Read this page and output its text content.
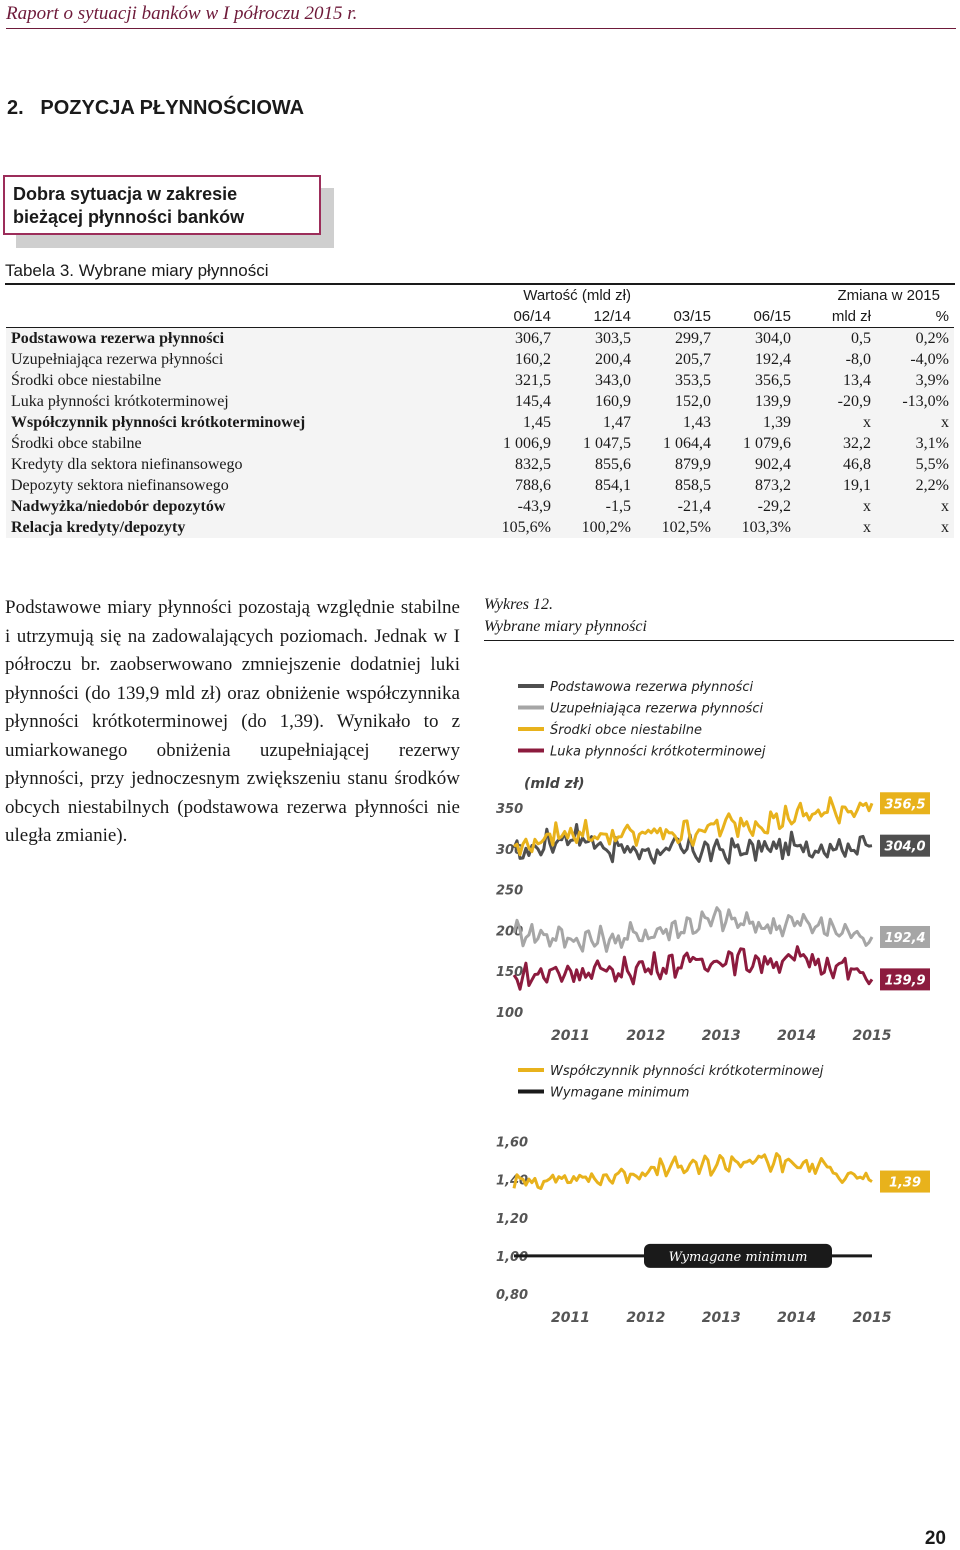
Raport o sytuacji banków w I półroczu 2015 r.
2. POZYCJA PŁYNNOŚCIOWA
Dobra sytuacja w zakresie
bieżącej płynności banków
Tabela 3. Wybrane miary płynności
	Wartość (mld zł)				Zmiana w 2015	
	06/14	12/14	03/15	06/15	mld zł	%
Podstawowa rezerwa płynności	306,7	303,5	299,7	304,0	0,5	0,2%
Uzupełniająca rezerwa płynności	160,2	200,4	205,7	192,4	-8,0	-4,0%
Środki obce niestabilne	321,5	343,0	353,5	356,5	13,4	3,9%
Luka płynności krótkoterminowej	145,4	160,9	152,0	139,9	-20,9	-13,0%
Współczynnik płynności krótkoterminowej	1,45	1,47	1,43	1,39	x	x
Środki obce stabilne	1 006,9	1 047,5	1 064,4	1 079,6	32,2	3,1%
Kredyty dla sektora niefinansowego	832,5	855,6	879,9	902,4	46,8	5,5%
Depozyty sektora niefinansowego	788,6	854,1	858,5	873,2	19,1	2,2%
Nadwyżka/niedobór depozytów	-43,9	-1,5	-21,4	-29,2	x	x
Relacja kredyty/depozyty	105,6%	100,2%	102,5%	103,3%	x	x
Podstawowe miary płynności pozostają względnie stabilne i utrzymują się na zadowalających poziomach. Jednak w I półroczu br. zaobserwowano zmniejszenie dodatniej luki płynności (do 139,9 mld zł) oraz obniżenie współczynnika płynności krótkoterminowej (do 1,39). Wynikało to z umiarkowanego obniżenia uzupełniającej rezerwy płynności, przy jednoczesnym zwiększeniu stanu środków obcych niestabilnych (podstawowa rezerwa płynności nie uległa zmianie).
Wykres 12.
Wybrane miary płynności
Podstawowa rezerwa płynności
Uzupełniająca rezerwa płynności
Środki obce niestabilne
Luka płynności krótkoterminowej
(mld zł)
350
300
250
200
150
100
2011	2012	2013	2014	2015
304,0
192,4
356,5
139,9
Współczynnik płynności krótkoterminowej
Wymagane minimum
1,60
1,40
1,20
1,00
0,80
2011	2012	2013	2014	2015
1,39
Wymagane minimum
20
